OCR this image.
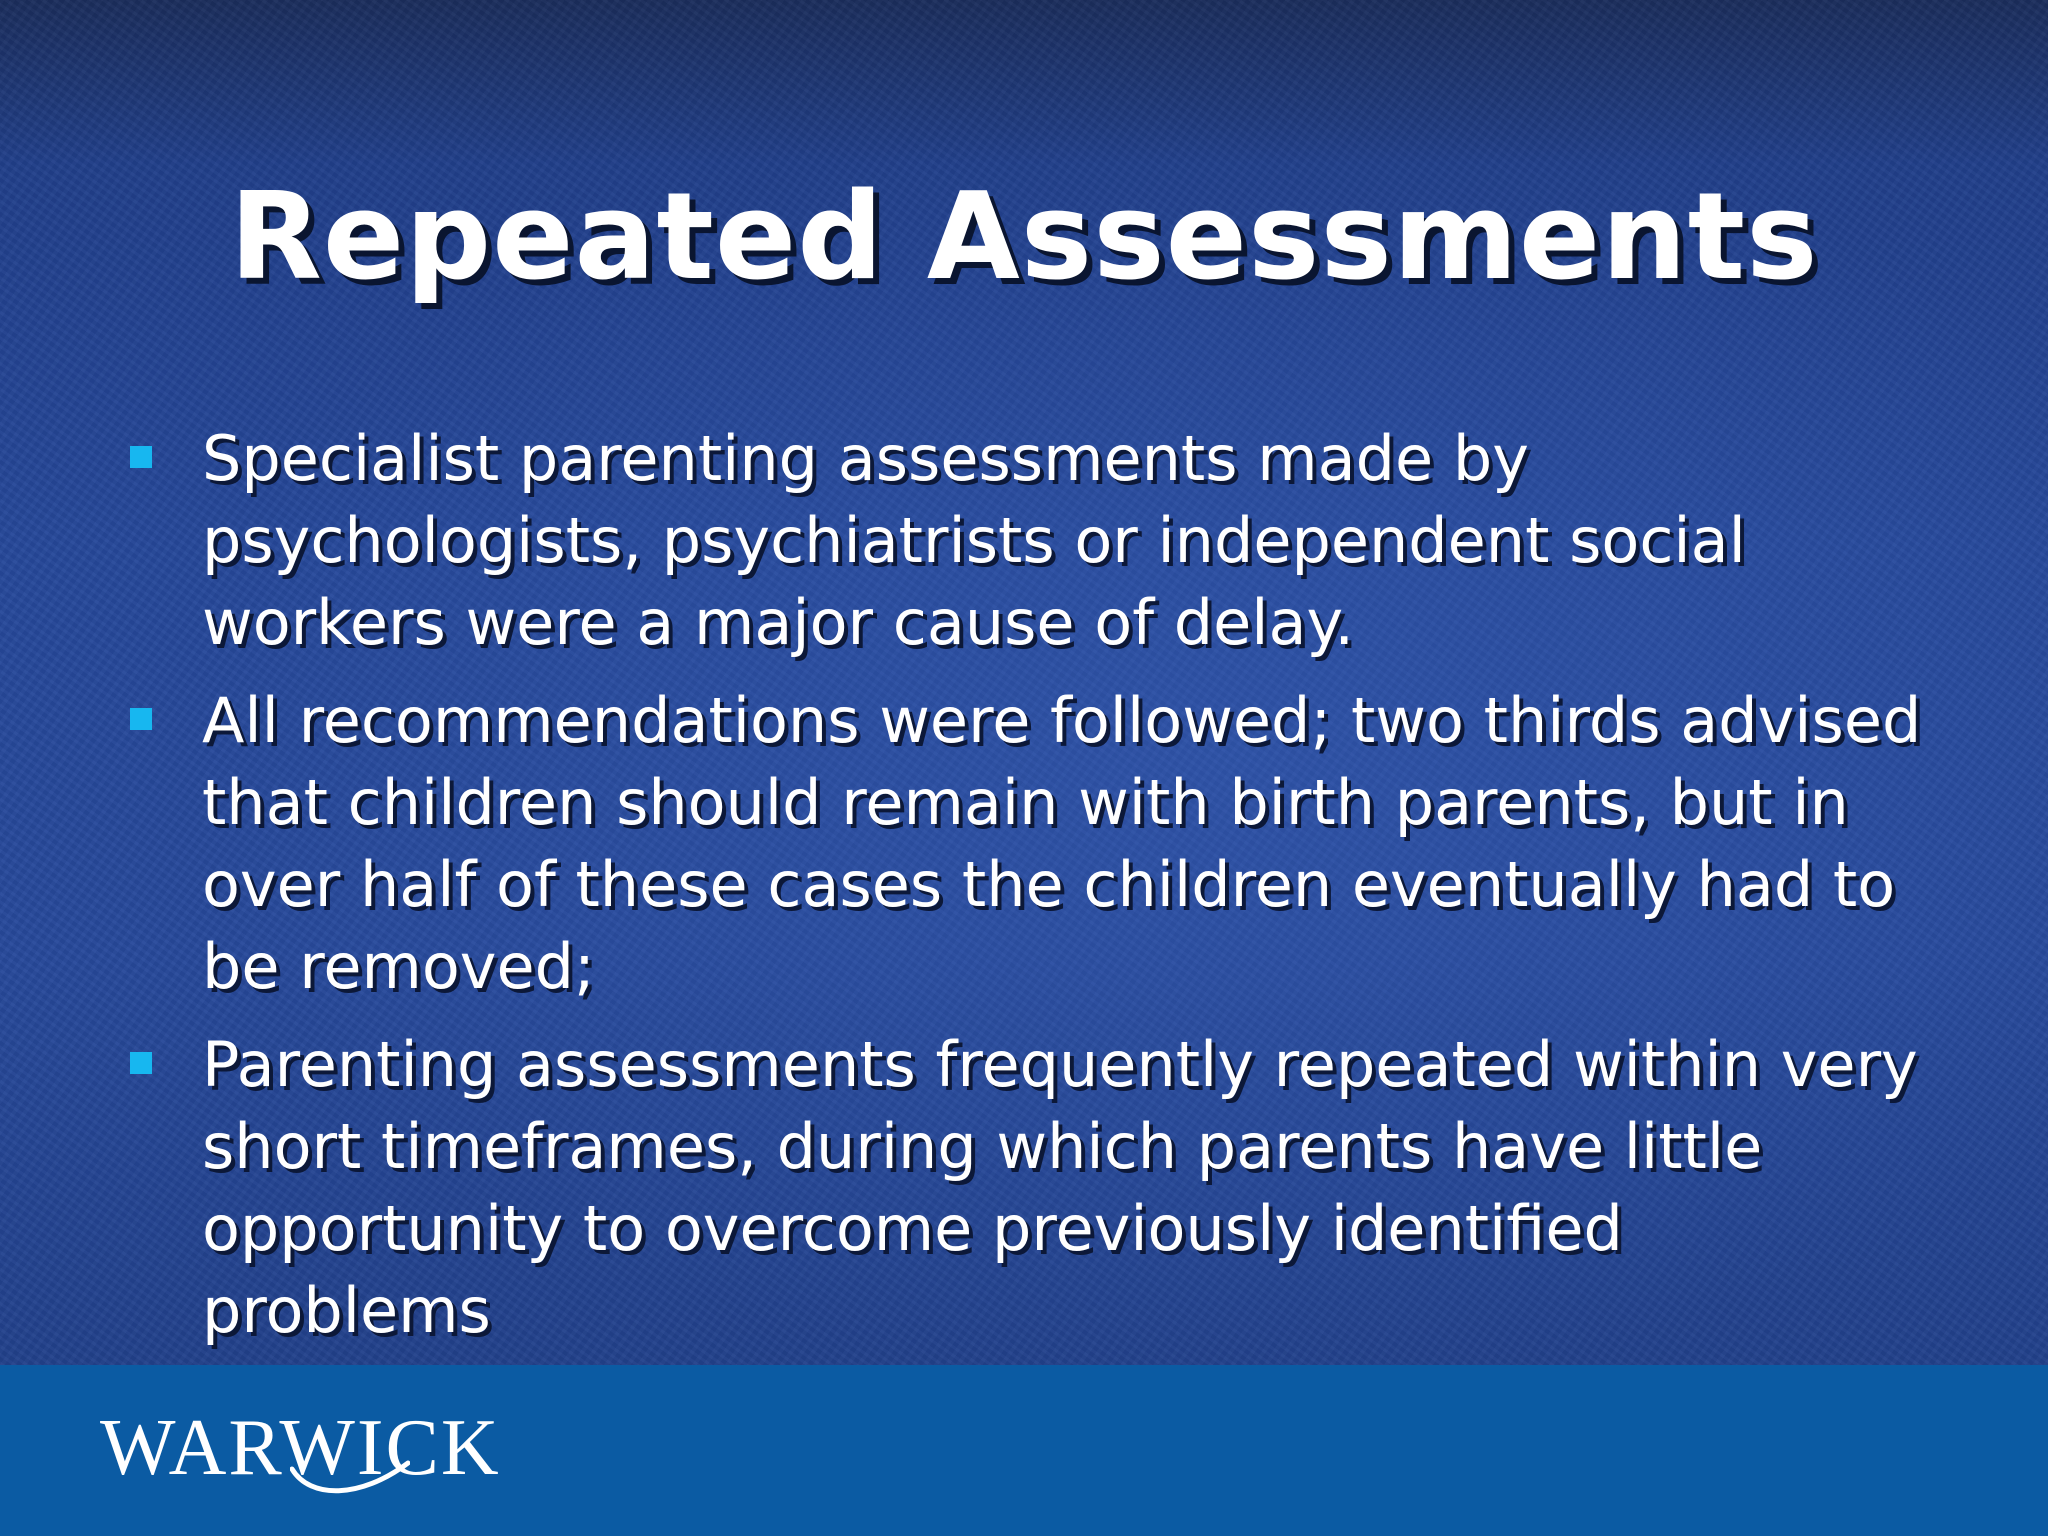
Repeated Assessments
Specialist parenting assessments made by psychologists, psychiatrists or independent social workers were a major cause of delay.
All recommendations were followed; two thirds advised that children should remain with birth parents, but in over half of these cases the children eventually had to be removed;
Parenting assessments frequently repeated within very short timeframes, during which parents have little opportunity to overcome previously identified problems
WARWICK
